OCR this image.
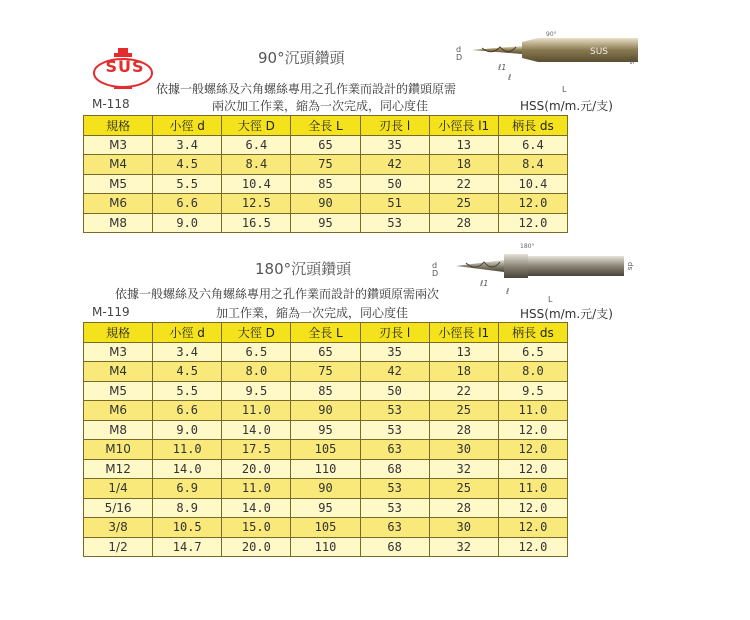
SUS	90°沉頭鑽頭
依據一般螺絲及六角螺絲專用之孔作業而設計的鑽頭原需
兩次加工作業，縮為一次完成，同心度佳
M-118	HSS(m/m.元/支)
d
D
SUS
90°
ds
ℓ1
ℓ
L
規格	小徑 d	大徑 D	全長 L	刃長 l	小徑長 l1	柄長 ds
M3	3.4	6.4	65	35	13	6.4
M4	4.5	8.4	75	42	18	8.4
M5	5.5	10.4	85	50	22	10.4
M6	6.6	12.5	90	51	25	12.0
M8	9.0	16.5	95	53	28	12.0
180°沉頭鑽頭
依據一般螺絲及六角螺絲專用之孔作業而設計的鑽頭原需兩次
加工作業，縮為一次完成，同心度佳
M-119	HSS(m/m.元/支)
d
D
180°
ds
ℓ1
ℓ
L
規格	小徑 d	大徑 D	全長 L	刃長 l	小徑長 l1	柄長 ds
M3	3.4	6.5	65	35	13	6.5
M4	4.5	8.0	75	42	18	8.0
M5	5.5	9.5	85	50	22	9.5
M6	6.6	11.0	90	53	25	11.0
M8	9.0	14.0	95	53	28	12.0
M10	11.0	17.5	105	63	30	12.0
M12	14.0	20.0	110	68	32	12.0
1/4	6.9	11.0	90	53	25	11.0
5/16	8.9	14.0	95	53	28	12.0
3/8	10.5	15.0	105	63	30	12.0
1/2	14.7	20.0	110	68	32	12.0
